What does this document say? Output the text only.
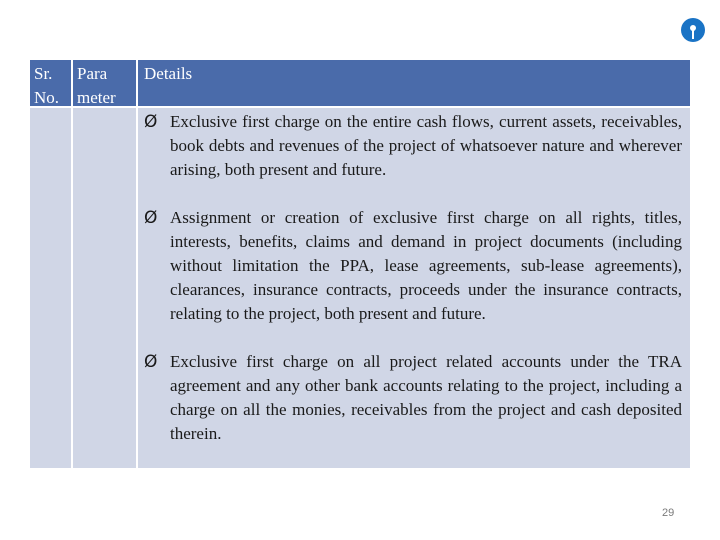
Sr.
No.
Para
meter
Details
Ø Exclusive first charge on the entire cash flows, current assets, receivables, book debts and revenues of the project of whatsoever nature and wherever arising, both present and future.
Ø Assignment or creation of exclusive first charge on all rights, titles, interests, benefits, claims and demand in project documents (including without limitation the PPA, lease agreements, sub-lease agreements), clearances, insurance contracts, proceeds under the insurance contracts, relating to the project, both present and future.
Ø Exclusive first charge on all project related accounts under the TRA agreement and any other bank accounts relating to the project, including a charge on all the monies, receivables from the project and cash deposited therein.
29
